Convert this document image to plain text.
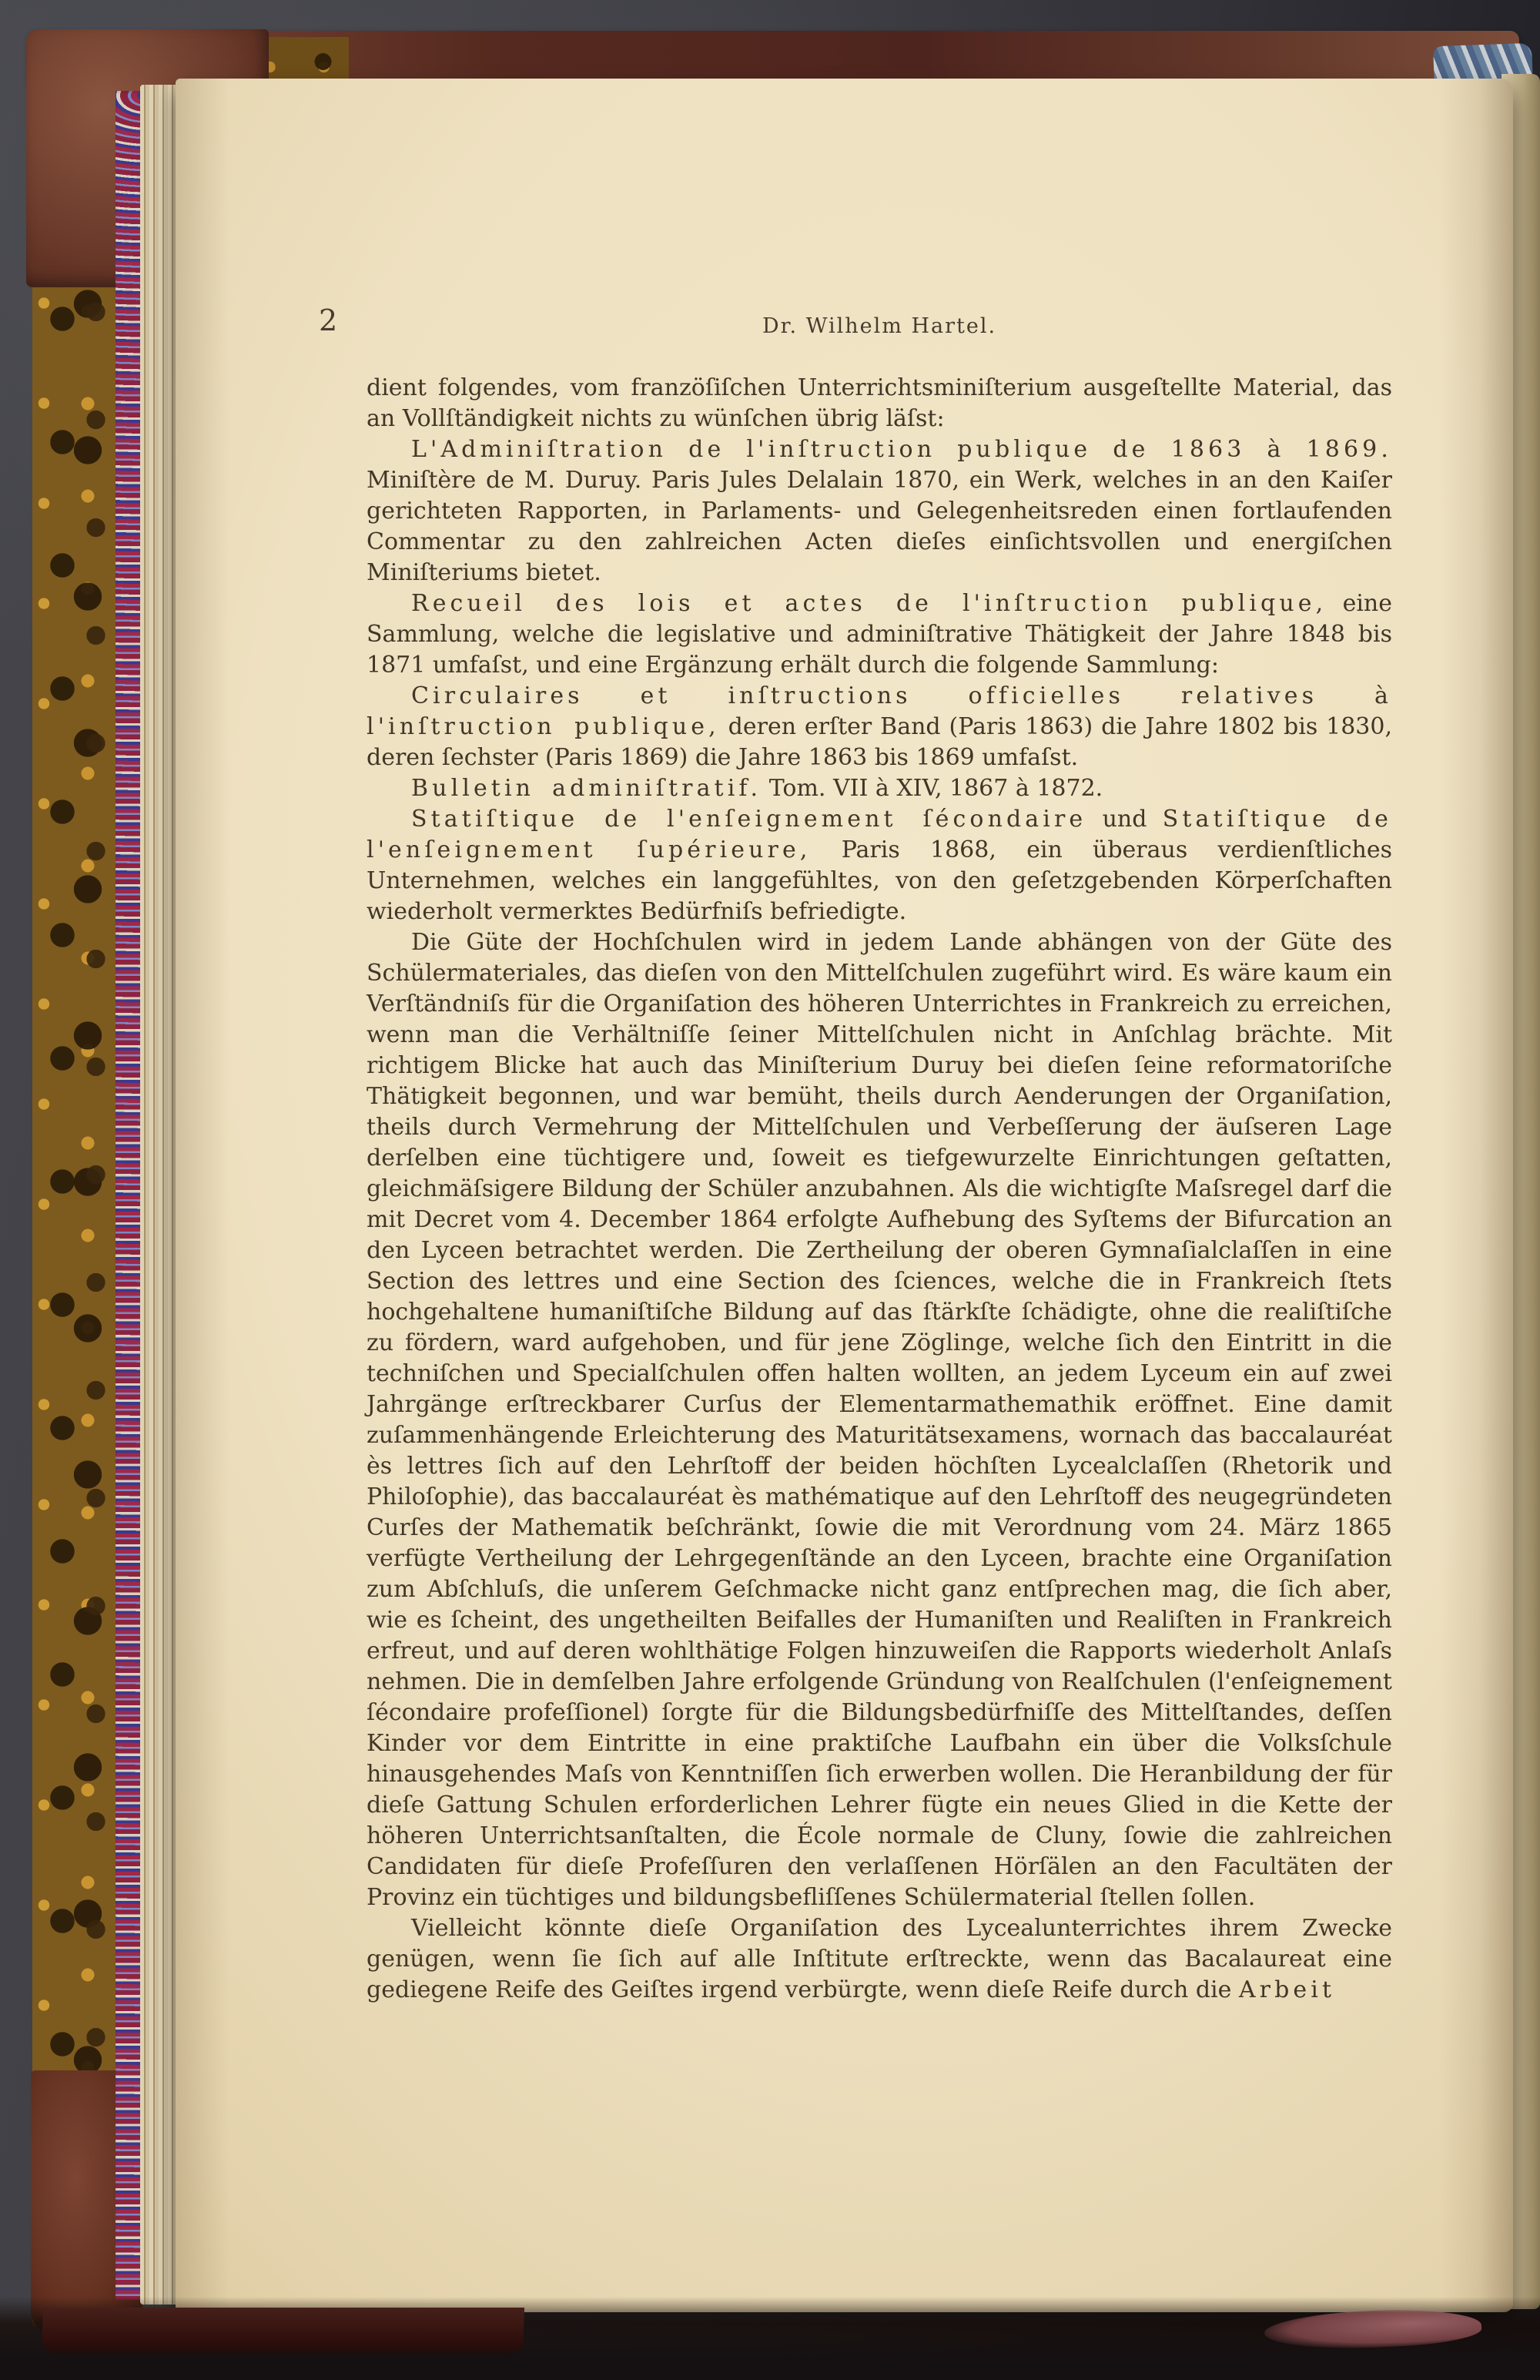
2	Dr. Wilhelm Hartel.

dient folgendes, vom franzöſiſchen Unterrichtsminiſterium ausgeſtellte Material, das an Vollſtändigkeit nichts zu wünſchen übrig läſst:

L'Adminiſtration de l'inſtruction publique de 1863 à 1869. Miniſtère de M. Duruy. Paris Jules Delalain 1870, ein Werk, welches in an den Kaiſer gerichteten Rapporten, in Parlaments- und Gelegenheitsreden einen fortlaufenden Commentar zu den zahlreichen Acten dieſes einſichtsvollen und energiſchen Miniſteriums bietet.

Recueil des lois et actes de l'inſtruction publique, eine Sammlung, welche die legislative und adminiſtrative Thätigkeit der Jahre 1848 bis 1871 umfaſst, und eine Ergänzung erhält durch die folgende Sammlung:

Circulaires et inſtructions officielles relatives à l'inſtruction publique, deren erſter Band (Paris 1863) die Jahre 1802 bis 1830, deren ſechster (Paris 1869) die Jahre 1863 bis 1869 umfaſst.

Bulletin adminiſtratif. Tom. VII à XIV, 1867 à 1872.

Statiſtique de l'enſeignement ſécondaire und Statiſtique de l'enſeignement ſupérieure, Paris 1868, ein überaus verdienſtliches Unternehmen, welches ein langgefühltes, von den geſetzgebenden Körperſchaften wiederholt vermerktes Bedürfniſs befriedigte.

Die Güte der Hochſchulen wird in jedem Lande abhängen von der Güte des Schülermateriales, das dieſen von den Mittelſchulen zugeführt wird. Es wäre kaum ein Verſtändniſs für die Organiſation des höheren Unterrichtes in Frankreich zu erreichen, wenn man die Verhältniſſe ſeiner Mittelſchulen nicht in Anſchlag brächte. Mit richtigem Blicke hat auch das Miniſterium Duruy bei dieſen ſeine reformatoriſche Thätigkeit begonnen, und war bemüht, theils durch Aenderungen der Organiſation, theils durch Vermehrung der Mittelſchulen und Verbeſſerung der äuſseren Lage derſelben eine tüchtigere und, ſoweit es tiefgewurzelte Einrichtungen geſtatten, gleichmäſsigere Bildung der Schüler anzubahnen. Als die wichtigſte Maſsregel darf die mit Decret vom 4. December 1864 erfolgte Aufhebung des Syſtems der Bifurcation an den Lyceen betrachtet werden. Die Zertheilung der oberen Gymnaſialclaſſen in eine Section des lettres und eine Section des ſciences, welche die in Frankreich ſtets hochgehaltene humaniſtiſche Bildung auf das ſtärkſte ſchädigte, ohne die realiſtiſche zu fördern, ward aufgehoben, und für jene Zöglinge, welche ſich den Eintritt in die techniſchen und Specialſchulen offen halten wollten, an jedem Lyceum ein auf zwei Jahrgänge erſtreckbarer Curſus der Elementarmathemathik eröffnet. Eine damit zuſammenhängende Erleichterung des Maturitätsexamens, wornach das baccalauréat ès lettres ſich auf den Lehrſtoff der beiden höchſten Lycealclaſſen (Rhetorik und Philoſophie), das baccalauréat ès mathématique auf den Lehrſtoff des neugegründeten Curſes der Mathematik beſchränkt, ſowie die mit Verordnung vom 24. März 1865 verfügte Vertheilung der Lehrgegenſtände an den Lyceen, brachte eine Organiſation zum Abſchluſs, die unſerem Geſchmacke nicht ganz entſprechen mag, die ſich aber, wie es ſcheint, des ungetheilten Beifalles der Humaniſten und Realiſten in Frankreich erfreut, und auf deren wohlthätige Folgen hinzuweiſen die Rapports wiederholt Anlaſs nehmen. Die in demſelben Jahre erfolgende Gründung von Realſchulen (l'enſeignement ſécondaire profeſſionel) ſorgte für die Bildungsbedürfniſſe des Mittelſtandes, deſſen Kinder vor dem Eintritte in eine praktiſche Laufbahn ein über die Volksſchule hinausgehendes Maſs von Kenntniſſen ſich erwerben wollen. Die Heranbildung der für dieſe Gattung Schulen erforderlichen Lehrer fügte ein neues Glied in die Kette der höheren Unterrichtsanſtalten, die École normale de Cluny, ſowie die zahlreichen Candidaten für dieſe Profeſſuren den verlaſſenen Hörſälen an den Facultäten der Provinz ein tüchtiges und bildungsbefliſſenes Schülermaterial ſtellen ſollen.

Vielleicht könnte dieſe Organiſation des Lycealunterrichtes ihrem Zwecke genügen, wenn ſie ſich auf alle Inſtitute erſtreckte, wenn das Bacalaureat eine gediegene Reife des Geiſtes irgend verbürgte, wenn dieſe Reife durch die Arbeit
